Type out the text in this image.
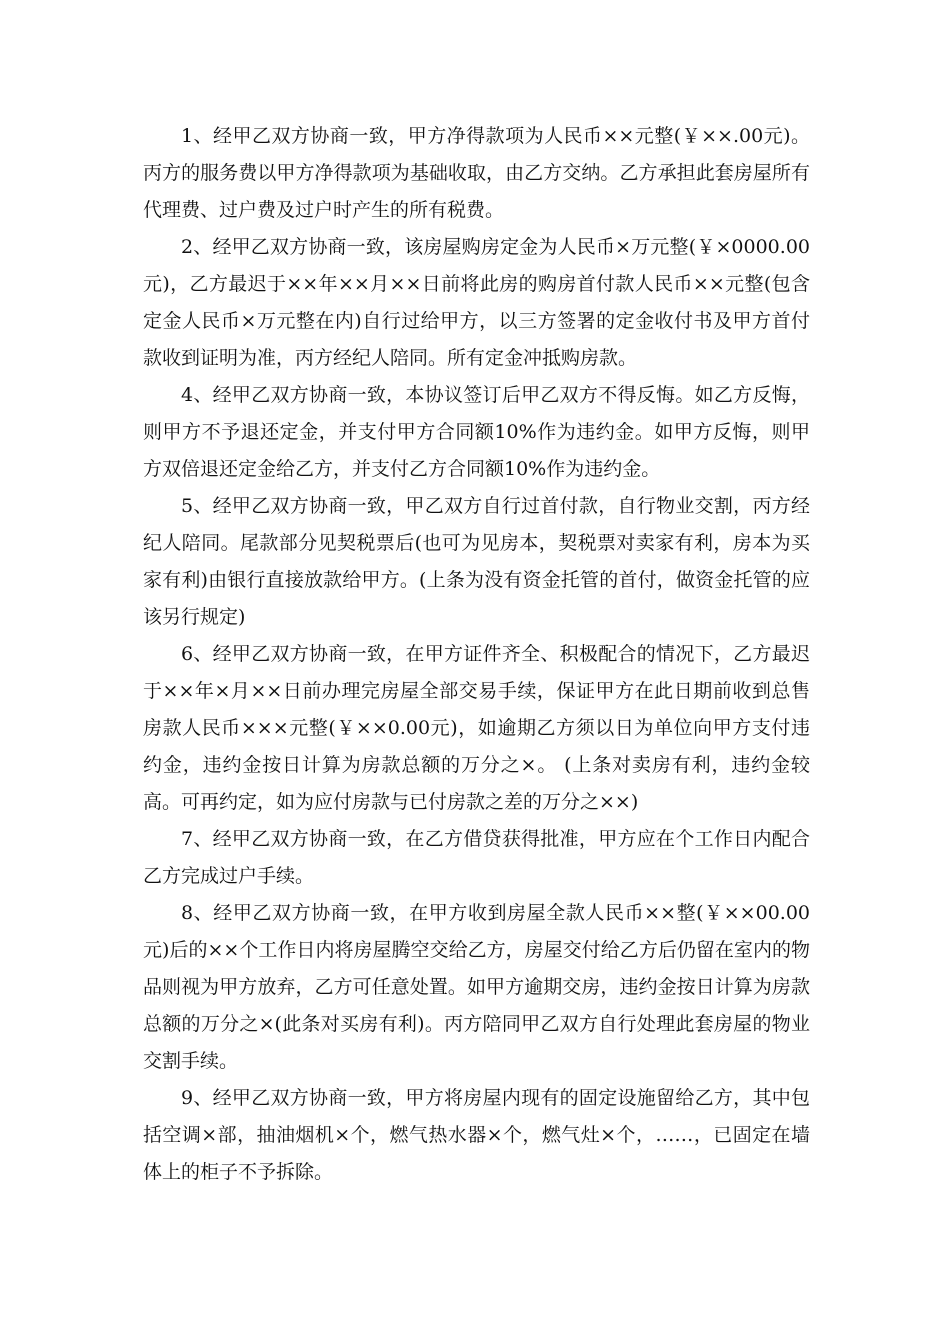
1、经甲乙双方协商一致，甲方净得款项为人民币××元整(￥××.00元)。丙方的服务费以甲方净得款项为基础收取，由乙方交纳。乙方承担此套房屋所有代理费、过户费及过户时产生的所有税费。

2、经甲乙双方协商一致，该房屋购房定金为人民币×万元整(￥×0000.00元)，乙方最迟于××年××月××日前将此房的购房首付款人民币××元整(包含定金人民币×万元整在内)自行过给甲方，以三方签署的定金收付书及甲方首付款收到证明为准，丙方经纪人陪同。所有定金冲抵购房款。

4、经甲乙双方协商一致，本协议签订后甲乙双方不得反悔。如乙方反悔，则甲方不予退还定金，并支付甲方合同额10%作为违约金。如甲方反悔，则甲方双倍退还定金给乙方，并支付乙方合同额10%作为违约金。

5、经甲乙双方协商一致，甲乙双方自行过首付款，自行物业交割，丙方经纪人陪同。尾款部分见契税票后(也可为见房本，契税票对卖家有利，房本为买家有利)由银行直接放款给甲方。(上条为没有资金托管的首付，做资金托管的应该另行规定)

6、经甲乙双方协商一致，在甲方证件齐全、积极配合的情况下，乙方最迟于××年×月××日前办理完房屋全部交易手续，保证甲方在此日期前收到总售房款人民币×××元整(￥××0.00元)，如逾期乙方须以日为单位向甲方支付违约金，违约金按日计算为房款总额的万分之×。 (上条对卖房有利，违约金较高。可再约定，如为应付房款与已付房款之差的万分之××)

7、经甲乙双方协商一致，在乙方借贷获得批准，甲方应在个工作日内配合乙方完成过户手续。

8、经甲乙双方协商一致，在甲方收到房屋全款人民币××整(￥××00.00元)后的××个工作日内将房屋腾空交给乙方，房屋交付给乙方后仍留在室内的物品则视为甲方放弃，乙方可任意处置。如甲方逾期交房，违约金按日计算为房款总额的万分之×(此条对买房有利)。丙方陪同甲乙双方自行处理此套房屋的物业交割手续。

9、经甲乙双方协商一致，甲方将房屋内现有的固定设施留给乙方，其中包括空调×部，抽油烟机×个，燃气热水器×个，燃气灶×个，……，已固定在墙体上的柜子不予拆除。
